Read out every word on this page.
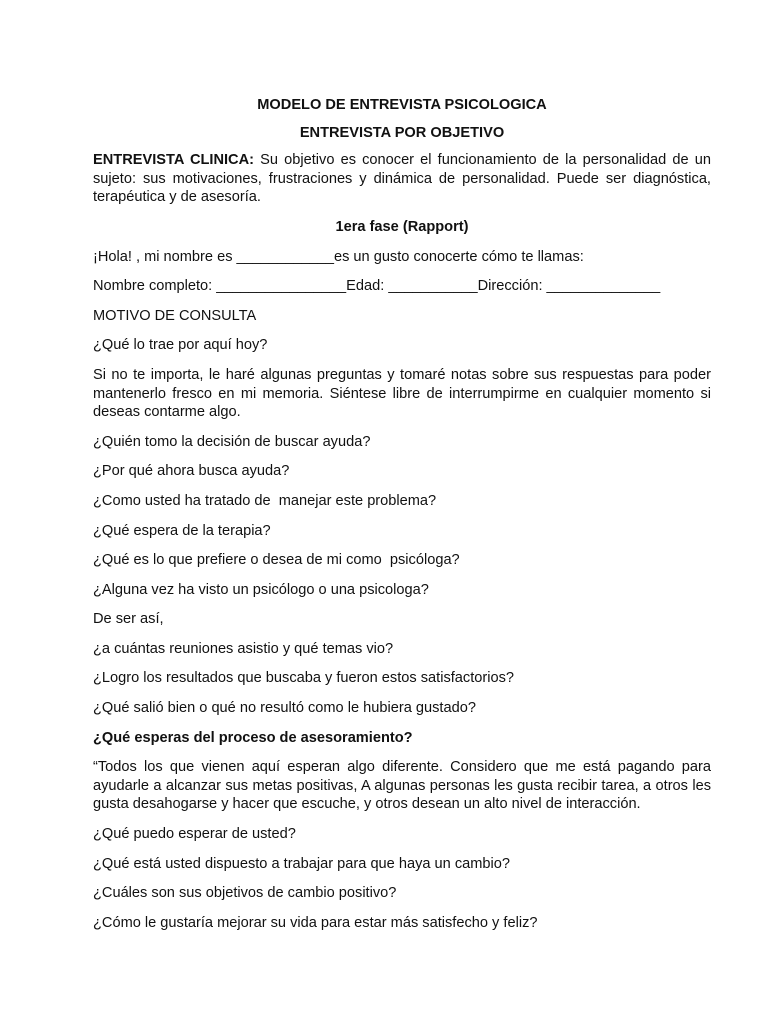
MODELO DE ENTREVISTA PSICOLOGICA
ENTREVISTA POR OBJETIVO
ENTREVISTA CLINICA: Su objetivo es conocer el funcionamiento de la personalidad de un sujeto: sus motivaciones, frustraciones y dinámica de personalidad. Puede ser diagnóstica, terapéutica y de asesoría.
1era fase (Rapport)
¡Hola! , mi nombre es ____________es un gusto conocerte cómo te llamas:
Nombre completo: ________________Edad: ___________Dirección: ______________
MOTIVO DE CONSULTA
¿Qué lo trae por aquí hoy?
Si no te importa, le haré algunas preguntas y tomaré notas sobre sus respuestas para poder mantenerlo fresco en mi memoria. Siéntese libre de interrumpirme en cualquier momento si deseas contarme algo.
¿Quién tomo la decisión de buscar ayuda?
¿Por qué ahora busca ayuda?
¿Como usted ha tratado de  manejar este problema?
¿Qué espera de la terapia?
¿Qué es lo que prefiere o desea de mi como  psicóloga?
¿Alguna vez ha visto un psicólogo o una psicologa?
De ser así,
¿a cuántas reuniones asistio y qué temas vio?
¿Logro los resultados que buscaba y fueron estos satisfactorios?
¿Qué salió bien o qué no resultó como le hubiera gustado?
¿Qué esperas del proceso de asesoramiento?
“Todos los que vienen aquí esperan algo diferente. Considero que me está pagando para ayudarle a alcanzar sus metas positivas, A algunas personas les gusta recibir tarea, a otros les gusta desahogarse y hacer que escuche, y otros desean un alto nivel de interacción.
¿Qué puedo esperar de usted?
¿Qué está usted dispuesto a trabajar para que haya un cambio?
¿Cuáles son sus objetivos de cambio positivo?
¿Cómo le gustaría mejorar su vida para estar más satisfecho y feliz?
